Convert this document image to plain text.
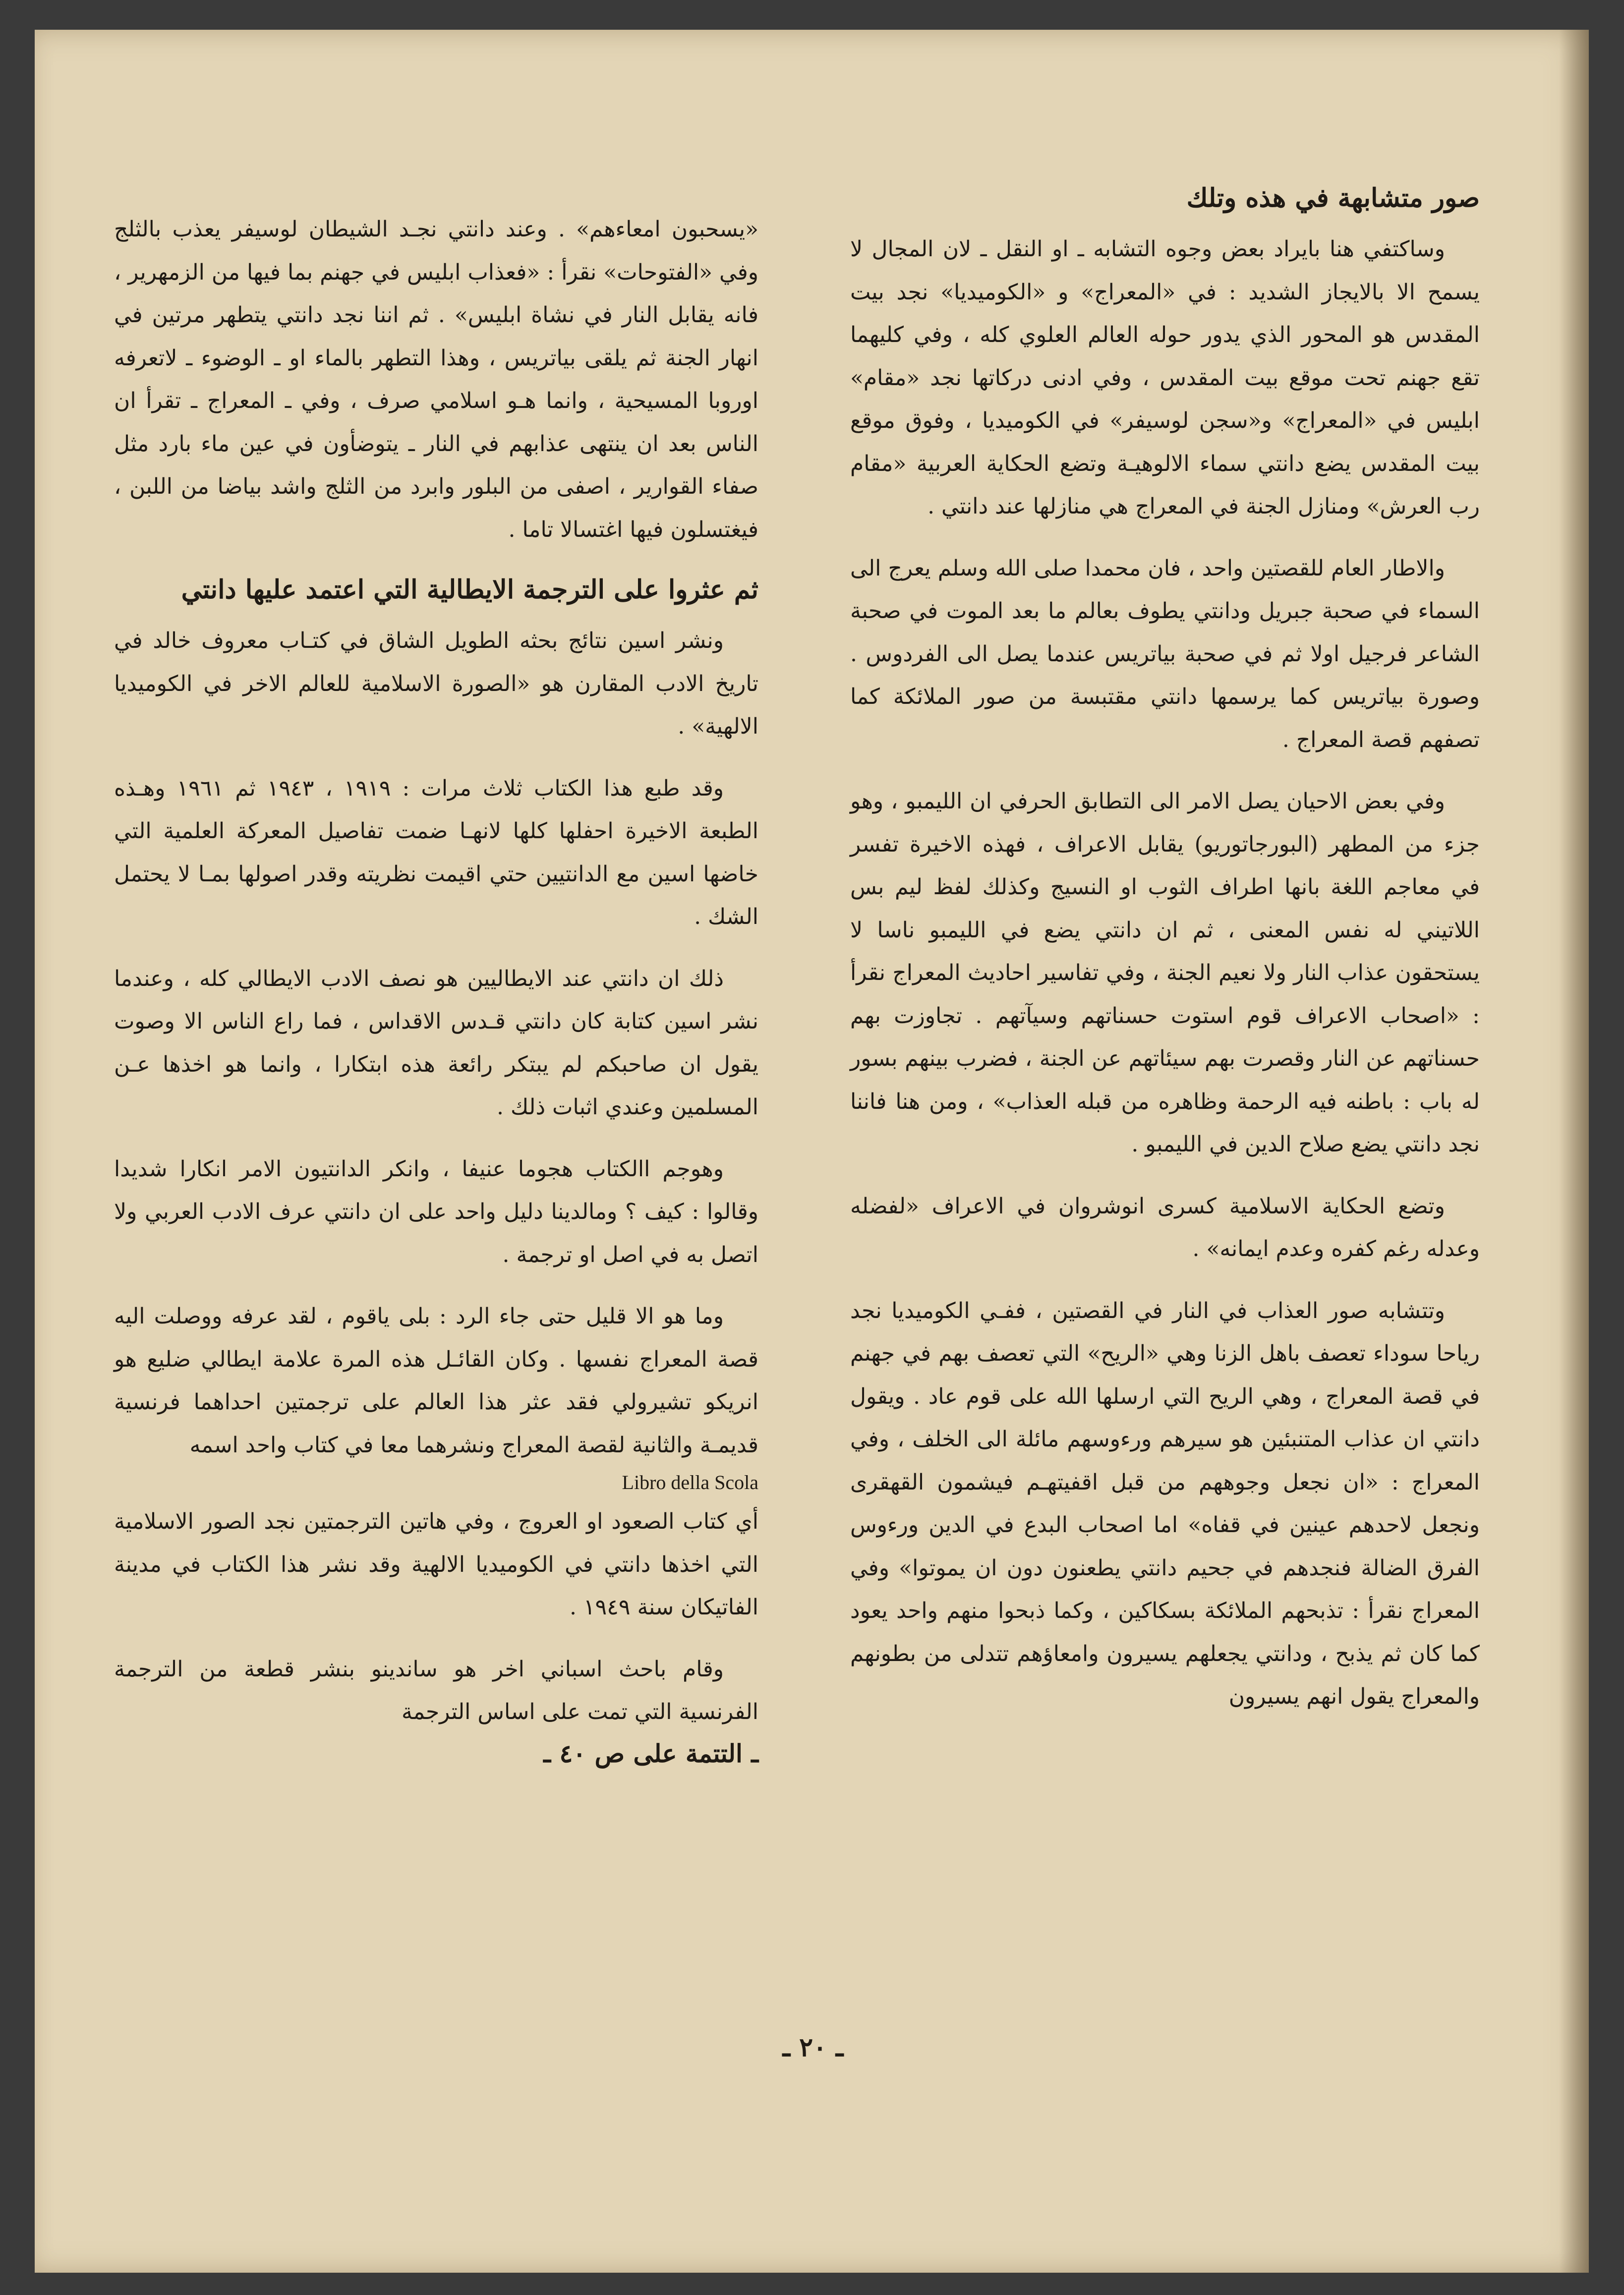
صور متشابهة في هذه وتلك

وساكتفي هنا بايراد بعض وجوه التشابه ـ او النقل ـ لان المجال لا يسمح الا بالايجاز الشديد : في «المعراج» و «الكوميديا» نجد بيت المقدس هو المحور الذي يدور حوله العالم العلوي كله ، وفي كليهما تقع جهنم تحت موقع بيت المقدس ، وفي ادنى دركاتها نجد «مقام» ابليس في «المعراج» و«سجن لوسيفر» في الكوميديا ، وفوق موقع بيت المقدس يضع دانتي سماء الالوهيـة وتضع الحكاية العربية «مقام رب العرش» ومنازل الجنة في المعراج هي منازلها عند دانتي .

والاطار العام للقصتين واحد ، فان محمدا صلى الله وسلم يعرج الى السماء في صحبة جبريل ودانتي يطوف بعالم ما بعد الموت في صحبة الشاعر فرجيل اولا ثم في صحبة بياتريس عندما يصل الى الفردوس . وصورة بياتريس كما يرسمها دانتي مقتبسة من صور الملائكة كما تصفهم قصة المعراج .

وفي بعض الاحيان يصل الامر الى التطابق الحرفي ان الليمبو ، وهو جزء من المطهر (البورجاتوريو) يقابل الاعراف ، فهذه الاخيرة تفسر في معاجم اللغة بانها اطراف الثوب او النسيج وكذلك لفظ ليم بس اللاتيني له نفس المعنى ، ثم ان دانتي يضع في الليمبو ناسا لا يستحقون عذاب النار ولا نعيم الجنة ، وفي تفاسير احاديث المعراج نقرأ : «اصحاب الاعراف قوم استوت حسناتهم وسيآتهم . تجاوزت بهم حسناتهم عن النار وقصرت بهم سيئاتهم عن الجنة ، فضرب بينهم بسور له باب : باطنه فيه الرحمة وظاهره من قبله العذاب» ، ومن هنا فاننا نجد دانتي يضع صلاح الدين في الليمبو .

وتضع الحكاية الاسلامية كسرى انوشروان في الاعراف «لفضله وعدله رغم كفره وعدم ايمانه» .

وتتشابه صور العذاب في النار في القصتين ، ففـي الكوميديا نجد رياحا سوداء تعصف باهل الزنا وهي «الريح» التي تعصف بهم في جهنم في قصة المعراج ، وهي الريح التي ارسلها الله على قوم عاد . ويقول دانتي ان عذاب المتنبئين هو سيرهم ورءوسهم مائلة الى الخلف ، وفي المعراج : «ان نجعل وجوههم من قبل اقفيتهـم فيشمون القهقرى ونجعل لاحدهم عينين في قفاه» اما اصحاب البدع في الدين ورءوس الفرق الضالة فنجدهم في جحيم دانتي يطعنون دون ان يموتوا» وفي المعراج نقرأ : تذبحهم الملائكة بسكاكين ، وكما ذبحوا منهم واحد يعود كما كان ثم يذبح ، ودانتي يجعلهم يسيرون وامعاؤهم تتدلى من بطونهم والمعراج يقول انهم يسيرون

«يسحبون امعاءهم» . وعند دانتي نجـد الشيطان لوسيفر يعذب بالثلج وفي «الفتوحات» نقرأ : «فعذاب ابليس في جهنم بما فيها من الزمهرير ، فانه يقابل النار في نشاة ابليس» . ثم اننا نجد دانتي يتطهر مرتين في انهار الجنة ثم يلقى بياتريس ، وهذا التطهر بالماء او ـ الوضوء ـ لاتعرفه اوروبا المسيحية ، وانما هـو اسلامي صرف ، وفي ـ المعراج ـ تقرأ ان الناس بعد ان ينتهى عذابهم في النار ـ يتوضأون في عين ماء بارد مثل صفاء القوارير ، اصفى من البلور وابرد من الثلج واشد بياضا من اللبن ، فيغتسلون فيها اغتسالا تاما .

ثم عثروا على الترجمة الايطالية التي اعتمد عليها دانتي

ونشر اسين نتائج بحثه الطويل الشاق في كتـاب معروف خالد في تاريخ الادب المقارن هو «الصورة الاسلامية للعالم الاخر في الكوميديا الالهية» .

وقد طبع هذا الكتاب ثلاث مرات : ١٩١٩ ، ١٩٤٣ ثم ١٩٦١ وهـذه الطبعة الاخيرة احفلها كلها لانهـا ضمت تفاصيل المعركة العلمية التي خاضها اسين مع الدانتيين حتي اقيمت نظريته وقدر اصولها بمـا لا يحتمل الشك .

ذلك ان دانتي عند الايطاليين هو نصف الادب الايطالي كله ، وعندما نشر اسين كتابة كان دانتي قـدس الاقداس ، فما راع الناس الا وصوت يقول ان صاحبكم لم يبتكر رائعة هذه ابتكارا ، وانما هو اخذها عـن المسلمين وعندي اثبات ذلك .

وهوجم االكتاب هجوما عنيفا ، وانكر الدانتيون الامر انكارا شديدا وقالوا : كيف ؟ ومالدينا دليل واحد على ان دانتي عرف الادب العربي ولا اتصل به في اصل او ترجمة .

وما هو الا قليل حتى جاء الرد : بلى ياقوم ، لقد عرفه ووصلت اليه قصة المعراج نفسها . وكان القائـل هذه المرة علامة ايطالي ضليع هو انريكو تشيرولي فقد عثر هذا العالم على ترجمتين احداهما فرنسية قديمـة والثانية لقصة المعراج ونشرهما معا في كتاب واحد اسمه

Libro della Scola

أي كتاب الصعود او العروج ، وفي هاتين الترجمتين نجد الصور الاسلامية التي اخذها دانتي في الكوميديا الالهية وقد نشر هذا الكتاب في مدينة الفاتيكان سنة ١٩٤٩ .

وقام باحث اسباني اخر هو ساندينو بنشر قطعة من الترجمة الفرنسية التي تمت على اساس الترجمة

ـ التتمة على ص ٤٠ ـ

ـ ٢٠ ـ
